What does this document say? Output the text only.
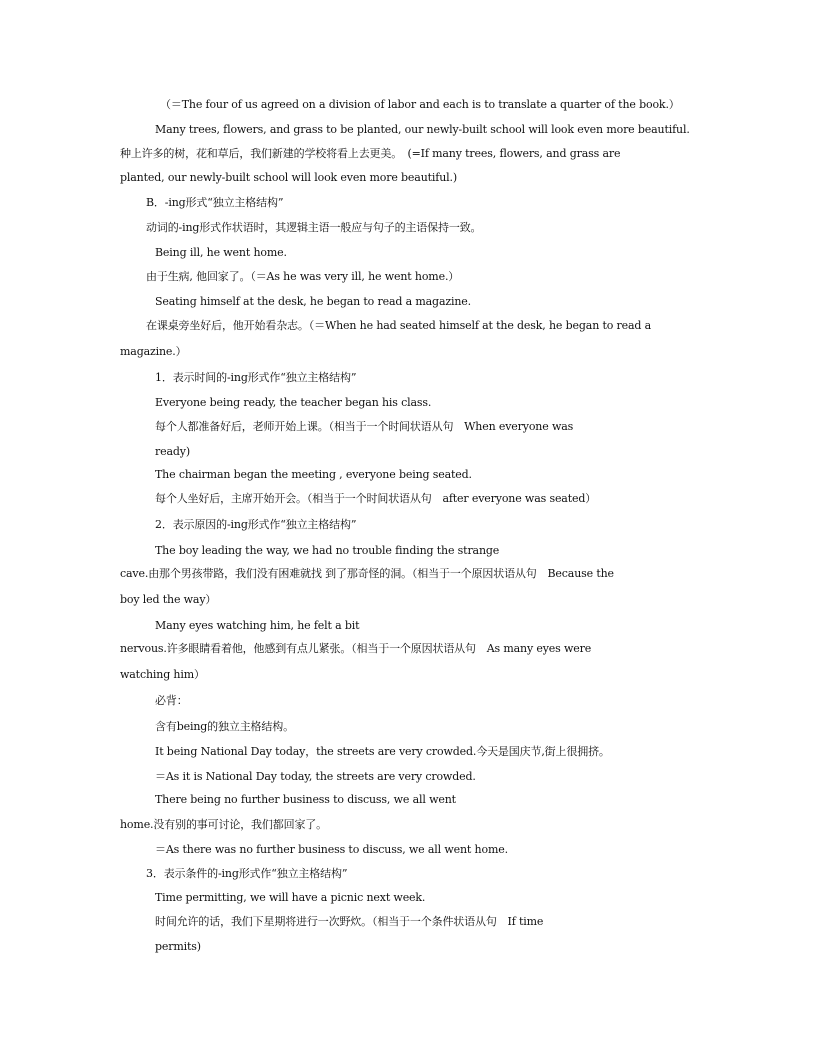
（＝The four of us agreed on a division of labor and each is to translate a quarter of the book.）
Many trees, flowers, and grass to be planted, our newly-built school will look even more beautiful.
种上许多的树，花和草后，我们新建的学校将看上去更美。　(=If many trees, flowers, and grass are
planted, our newly-built school will look even more beautiful.)
B．-ing形式“独立主格结构”
动词的-ing形式作状语时，其逻辑主语一般应与句子的主语保持一致。
Being ill, he went home.
由于生病, 他回家了。（＝As he was very ill, he went home.）
Seating himself at the desk, he began to read a magazine.
在课桌旁坐好后，他开始看杂志。（＝When he had seated himself at the desk, he began to read a
magazine.）
1．表示时间的-ing形式作“独立主格结构”
Everyone being ready, the teacher began his class.
每个人都准备好后，老师开始上课。（相当于一个时间状语从句　When everyone was
ready)
The chairman began the meeting , everyone being seated.
每个人坐好后，主席开始开会。（相当于一个时间状语从句　after everyone was seated）
2．表示原因的-ing形式作“独立主格结构”
The boy leading the way, we had no trouble finding the strange
cave.由那个男孩带路，我们没有困难就找 到了那奇怪的洞。（相当于一个原因状语从句　Because the
boy led the way）
Many eyes watching him, he felt a bit
nervous.许多眼睛看着他，他感到有点儿紧张。（相当于一个原因状语从句　As many eyes were
watching him）
必背：
含有being的独立主格结构。
It being National Day today，the streets are very crowded.今天是国庆节,街上很拥挤。
＝As it is National Day today, the streets are very crowded.
There being no further business to discuss, we all went
home.没有别的事可讨论，我们都回家了。
＝As there was no further business to discuss, we all went home.
3．表示条件的-ing形式作“独立主格结构”
Time permitting, we will have a picnic next week.
时间允许的话，我们下星期将进行一次野炊。（相当于一个条件状语从句　If time
permits)
